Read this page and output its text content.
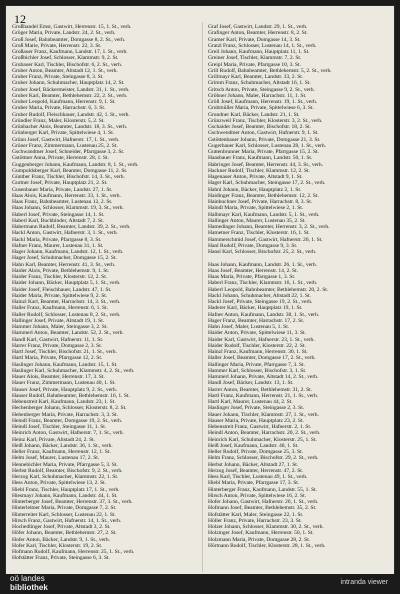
12
Großhandel Ernst, Gastwirt, Herrenstr. 15, 1. St., verh.
Gröger Maria, Private, Landstr. 24, 2. St., verh.
Groß Josef, Bahnbeamter, Domgasse 8, 2. St., verh.
Groß Marie, Private, Herrenstr. 22, 3. St.
Großauer Franz, Kaufmann, Landstr. 17, 1. St., verh.
Großbichler Josef, Schlosser, Klammstr. 9, 2. St.
Grubauer Karl, Tischler, Bischofstr. 6, 2. St., verh.
Gruber Anton, Beamter, Altstadt 12, 1. St., verh.
Gruber Franz, Private, Steingasse 8, 3. St.
Gruber Johann, Schuhmacher, Hauptplatz 14, 2. St.
Gruber Josef, Bäckermeister, Landstr. 31, 1. St., verh.
Gruber Karl, Beamter, Bethlehemstr. 22, 2. St., verh.
Gruber Leopold, Kaufmann, Herrenstr. 9, 1. St.
Gruber Maria, Private, Harrachstr. 6, 3. St.
Gruber Rudolf, Fleischhauer, Landstr. 42, 1. St., verh.
Gründler Franz, Maler, Klosterstr. 5, 2. St.
Grünbacher Alois, Beamter, Landstr. 18, 3. St., verh.
Grünberger Karl, Private, Spittelwiese 4, 1. St.
Grünn Josef, Gastwirt, Hafnerstr. 17, 1. St., verh.
Grüner Franz, Zimmermann, Lustenau 25, 2. St.
Gschwandtner Josef, Schneider, Pfarrgasse 3, 2. St.
Gstöttner Anna, Private, Herrenstr. 28, 1. St.
Guggenberger Johann, Kaufmann, Landstr. 8, 1. St., verh.
Gumpoldsberger Karl, Beamter, Domgasse 11, 2. St.
Günther Franz, Tischler, Bischofstr. 14, 3. St., verh.
Gurtner Josef, Private, Hauptplatz 21, 2. St.
Gusenbauer Maria, Private, Landstr. 27, 1. St.
Haas Alois, Kaufmann, Herrenstr. 33, 1. St., verh.
Haas Franz, Bahnbeamter, Lustenau 12, 2. St.
Haas Johann, Schlosser, Klammstr. 19, 3. St., verh.
Haberl Josef, Private, Steingasse 14, 1. St.
Haberl Karl, Buchbinder, Altstadt 7, 2. St.
Habermann Rudolf, Beamter, Landstr. 39, 2. St., verh.
Hackl Anton, Gastwirt, Hafnerstr. 3, 1. St., verh.
Hackl Maria, Private, Pfarrgasse 8, 3. St.
Hafner Franz, Maurer, Lustenau 31, 1. St.
Hager Johann, Kaufmann, Landstr. 12, 1. St., verh.
Hager Josef, Schuhmacher, Domgasse 15, 2. St.
Hahn Karl, Beamter, Herrenstr. 41, 3. St., verh.
Haider Alois, Private, Bethlehemstr. 9, 1. St.
Haider Franz, Tischler, Klosterstr. 12, 2. St.
Haider Johann, Bäcker, Hauptplatz 5, 1. St., verh.
Haider Josef, Fleischhauer, Landstr. 47, 1. St.
Haider Maria, Private, Spittelwiese 9, 2. St.
Hainzl Karl, Beamter, Harrachstr. 14, 3. St., verh.
Haller Franz, Kaufmann, Herrenstr. 6, 1. St.
Haller Rudolf, Schlosser, Lustenau 8, 2. St., verh.
Hallinger Josef, Private, Altstadt 19, 1. St.
Hammer Johann, Maler, Steingasse 3, 2. St.
Hammerl Anton, Beamter, Landstr. 52, 2. St., verh.
Handl Karl, Gastwirt, Hafnerstr. 11, 1. St.
Harrer Franz, Private, Domgasse 2, 3. St.
Hartl Josef, Tischler, Bischofstr. 21, 1. St., verh.
Hartl Maria, Private, Pfarrgasse 12, 2. St.
Haslinger Johann, Kaufmann, Landstr. 15, 1. St.
Haslinger Karl, Schuhmacher, Klammstr. 4, 2. St., verh.
Hauer Alois, Beamter, Herrenstr. 17, 3. St.
Hauer Franz, Zimmermann, Lustenau 40, 1. St.
Hauser Josef, Private, Hauptplatz 9, 2. St., verh.
Hauser Rudolf, Bahnbeamter, Bethlehemstr. 16, 1. St.
Hebenstreit Karl, Kaufmann, Landstr. 23, 1. St.
Hechenberger Johann, Schlosser, Klosterstr. 8, 2. St.
Hehenberger Maria, Private, Harrachstr. 3, 3. St.
Heindl Franz, Beamter, Domgasse 19, 2. St., verh.
Heindl Josef, Tischler, Steingasse 11, 1. St.
Heinrich Anton, Gastwirt, Hafnerstr. 7, 1. St., verh.
Heinz Karl, Private, Altstadt 24, 2. St.
Heiß Johann, Bäcker, Landstr. 36, 1. St., verh.
Heller Franz, Kaufmann, Herrenstr. 12, 1. St.
Helm Josef, Maurer, Lustenau 17, 2. St.
Hennebichler Maria, Private, Pfarrgasse 5, 3. St.
Herbst Rudolf, Beamter, Bischofstr. 9, 2. St., verh.
Herzog Karl, Schuhmacher, Klammstr. 22, 1. St.
Hess Anton, Private, Spittelwiese 13, 2. St.
Hiebl Franz, Tischler, Hauptplatz 17, 1. St., verh.
Hiesmayr Johann, Kaufmann, Landstr. 44, 1. St.
Hinterberger Josef, Beamter, Herrenstr. 37, 3. St., verh.
Hinterleitner Maria, Private, Domgasse 7, 2. St.
Hinterreiter Karl, Schlosser, Lustenau 22, 1. St.
Hirsch Franz, Gastwirt, Hafnerstr. 14, 1. St., verh.
Hochedlinger Josef, Private, Altstadt 3, 2. St.
Höfer Johann, Beamter, Bethlehemstr. 27, 2. St.
Hofer Anton, Bäcker, Landstr. 9, 1. St., verh.
Hofer Karl, Tischler, Klosterstr. 19, 2. St.
Hofmann Rudolf, Kaufmann, Herrenstr. 25, 1. St., verh.
Hofstätter Franz, Private, Steingasse 6, 3. St.
Graf Josef, Gastwirt, Landstr. 29, 1. St., verh.
Grafinger Anton, Beamter, Herrenstr. 8, 2. St.
Gramer Karl, Private, Domgasse 14, 3. St.
Gratzl Franz, Schlosser, Lustenau 14, 1. St., verh.
Greil Johann, Kaufmann, Hauptplatz 11, 1. St.
Greiner Josef, Tischler, Klammstr. 7, 2. St.
Greipl Maria, Private, Pfarrgasse 10, 3. St.
Grill Rudolf, Bahnbeamter, Bethlehemstr. 5, 2. St., verh.
Grillmayr Karl, Beamter, Landstr. 33, 2. St.
Grimm Franz, Schuhmacher, Altstadt 16, 1. St.
Gritsch Anton, Private, Steingasse 9, 2. St., verh.
Gröbner Johann, Maler, Harrachstr. 11, 1. St.
Gröll Josef, Kaufmann, Herrenstr. 19, 1. St., verh.
Grubmüller Maria, Private, Spittelwiese 6, 3. St.
Grundner Karl, Bäcker, Landstr. 21, 1. St.
Grünzweil Franz, Tischler, Klosterstr. 3, 2. St., verh.
Gschaider Josef, Beamter, Bischofstr. 18, 2. St.
Gschwendtner Anton, Gastwirt, Hafnerstr. 9, 1. St.
Gstöttenbauer Johann, Private, Domgasse 21, 3. St.
Gugerbauer Karl, Schlosser, Lustenau 28, 1. St., verh.
Guttenbrunner Maria, Private, Pfarrgasse 15, 2. St.
Haasbauer Franz, Kaufmann, Landstr. 50, 1. St.
Habringer Josef, Beamter, Herrenstr. 44, 3. St., verh.
Hackner Rudolf, Tischler, Klammstr. 12, 2. St.
Hagenauer Anton, Private, Altstadt 9, 1. St.
Hager Karl, Schuhmacher, Steingasse 17, 2. St., verh.
Hahnl Johann, Bäcker, Hauptplatz 2, 1. St.
Haidinger Franz, Beamter, Bethlehemstr. 12, 2. St.
Hainbuchner Josef, Private, Harrachstr. 8, 3. St.
Haindl Maria, Private, Spittelwiese 2, 1. St.
Halbmayr Karl, Kaufmann, Landstr. 5, 1. St., verh.
Hallinger Anton, Maurer, Lustenau 35, 2. St.
Hamedinger Johann, Beamter, Herrenstr. 3, 2. St., verh.
Hametner Franz, Tischler, Klosterstr. 16, 1. St.
Hammerschmid Josef, Gastwirt, Hafnerstr. 20, 1. St.
Hanl Rudolf, Private, Domgasse 9, 3. St.
Hansl Karl, Schlosser, Bischofstr. 25, 2. St., verh.

Haas Johann, Kaufmann, Landstr. 26, 1. St., verh.
Haas Josef, Beamter, Herrenstr. 14, 2. St.
Haas Maria, Private, Pfarrgasse 1, 3. St.
Haberl Franz, Tischler, Klammstr. 16, 1. St., verh.
Haberl Leopold, Bahnbeamter, Bethlehemstr. 20, 2. St.
Hackl Johann, Schuhmacher, Altstadt 22, 1. St.
Hackl Josef, Private, Steingasse 19, 2. St., verh.
Haderer Karl, Bäcker, Hauptplatz 19, 1. St.
Hafner Anton, Kaufmann, Landstr. 38, 1. St., verh.
Hager Franz, Beamter, Harrachstr. 17, 2. St.
Hahn Josef, Maler, Lustenau 5, 1. St.
Haider Anton, Private, Spittelwiese 11, 3. St.
Haider Karl, Gastwirt, Hafnerstr. 23, 1. St., verh.
Haider Rudolf, Tischler, Klosterstr. 22, 2. St.
Hainzl Franz, Kaufmann, Herrenstr. 30, 1. St.
Haller Josef, Beamter, Domgasse 17, 2. St., verh.
Hallinger Maria, Private, Pfarrgasse 7, 3. St.
Hammer Karl, Schlosser, Bischofstr. 3, 1. St.
Hammerl Johann, Private, Altstadt 14, 2. St., verh.
Handl Josef, Bäcker, Landstr. 13, 1. St.
Harrer Anton, Beamter, Bethlehemstr. 31, 2. St.
Hartl Franz, Kaufmann, Herrenstr. 21, 1. St., verh.
Hartl Karl, Maurer, Lustenau 44, 2. St.
Haslinger Josef, Private, Steingasse 2, 3. St.
Hauer Johann, Tischler, Klammstr. 27, 1. St., verh.
Hauser Maria, Private, Hauptplatz 23, 2. St.
Hebenstreit Franz, Gastwirt, Hafnerstr. 2, 1. St.
Heindl Anton, Beamter, Harrachstr. 20, 2. St., verh.
Heinrich Karl, Schuhmacher, Klosterstr. 25, 1. St.
Heiß Josef, Kaufmann, Landstr. 48, 1. St.
Heller Rudolf, Private, Domgasse 25, 3. St.
Helm Franz, Schlosser, Bischofstr. 29, 2. St., verh.
Herbst Johann, Bäcker, Altstadt 27, 1. St.
Herzog Josef, Beamter, Herrenstr. 47, 2. St.
Hess Karl, Tischler, Lustenau 49, 1. St., verh.
Hiebl Maria, Private, Pfarrgasse 17, 3. St.
Hinterberger Franz, Kaufmann, Landstr. 55, 1. St.
Hirsch Anton, Private, Spittelwiese 16, 2. St.
Hofer Johann, Gastwirt, Hafnerstr. 26, 1. St., verh.
Hofmann Josef, Beamter, Bethlehemstr. 35, 2. St.
Hofstätter Karl, Maler, Steingasse 22, 1. St.
Höller Franz, Private, Harrachstr. 23, 3. St.
Holzer Johann, Schlosser, Klammstr. 30, 2. St., verh.
Holzinger Josef, Kaufmann, Herrenstr. 50, 1. St.
Holzmann Maria, Private, Domgasse 28, 2. St.
Hörmann Rudolf, Tischler, Klosterstr. 28, 1. St., verh.
oö landes
bibliothek	intranda viewer
